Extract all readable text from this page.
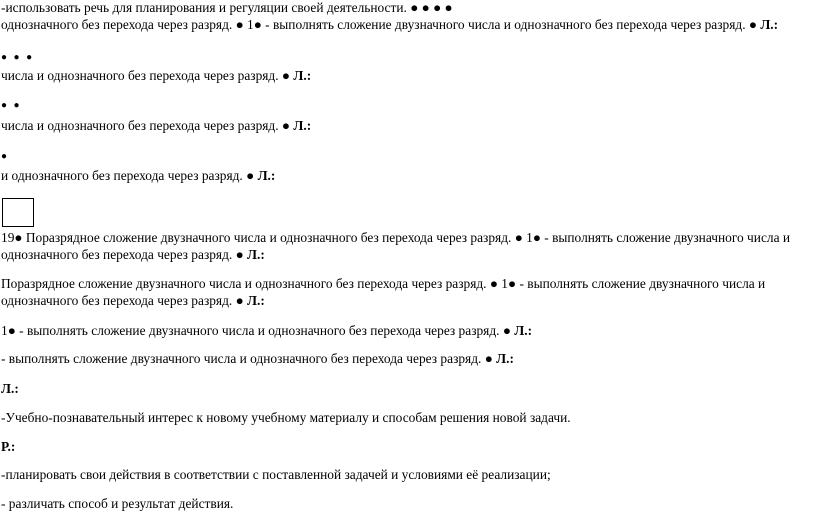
-использовать речь для планирования и регуляции своей деятельности. ● ● ● ●
однозначного без перехода через разряд. ● 1● - выполнять сложение двузначного числа и однозначного без перехода через разряд. ● Л.:
● ● ●
числа и однозначного без перехода через разряд. ● Л.:
● ●
числа и однозначного без перехода через разряд. ● Л.:
●
и однозначного без перехода через разряд. ● Л.:
19● Поразрядное сложение двузначного числа и однозначного без перехода через разряд. ● 1● - выполнять сложение двузначного числа и однозначного без перехода через разряд. ● Л.:
Поразрядное сложение двузначного числа и однозначного без перехода через разряд. ● 1● - выполнять сложение двузначного числа и однозначного без перехода через разряд. ● Л.:
1● - выполнять сложение двузначного числа и однозначного без перехода через разряд. ● Л.:
- выполнять сложение двузначного числа и однозначного без перехода через разряд. ● Л.:
Л.:
-Учебно-познавательный интерес к новому учебному материалу и способам решения новой задачи.
Р.:
-планировать свои действия в соответствии с поставленной задачей и условиями её реализации;
- различать способ и результат действия.
